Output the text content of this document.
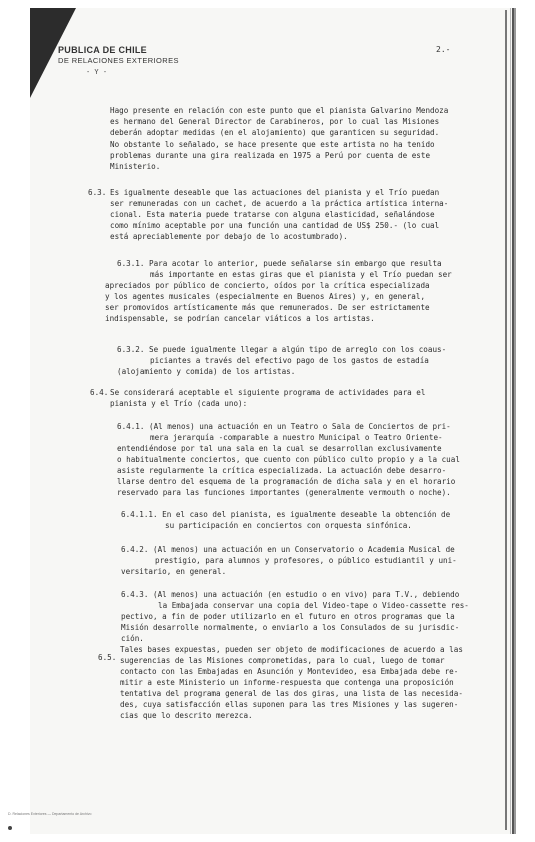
PUBLICA DE CHILE
DE RELACIONES EXTERIORES
- Y -
2.-
Hago presente en relación con este punto que el pianista Galvarino Mendoza
es hermano del General Director de Carabineros, por lo cual las Misiones
deberán adoptar medidas (en el alojamiento) que garanticen su seguridad.
No obstante lo señalado, se hace presente que este artista no ha tenido
problemas durante una gira realizada en 1975 a Perú por cuenta de este
Ministerio.
6.3. Es igualmente deseable que las actuaciones del pianista y el Trío puedan
ser remuneradas con un cachet, de acuerdo a la práctica artística interna-
cional. Esta materia puede tratarse con alguna elasticidad, señalándose
como mínimo aceptable por una función una cantidad de US$ 250.- (lo cual
está apreciablemente por debajo de lo acostumbrado).
6.3.1. Para acotar lo anterior, puede señalarse sin embargo que resulta
más importante en estas giras que el pianista y el Trío puedan ser
apreciados por público de concierto, oídos por la crítica especializada
y los agentes musicales (especialmente en Buenos Aires) y, en general,
ser promovidos artísticamente más que remunerados. De ser estrictamente
indispensable, se podrían cancelar viáticos a los artistas.
6.3.2. Se puede igualmente llegar a algún tipo de arreglo con los coaus-
piciantes a través del efectivo pago de los gastos de estadía
(alojamiento y comida) de los artistas.
6.4. Se considerará aceptable el siguiente programa de actividades para el
pianista y el Trío (cada uno):
6.4.1. (Al menos) una actuación en un Teatro o Sala de Conciertos de pri-
mera jerarquía -comparable a nuestro Municipal o Teatro Oriente-
entendiéndose por tal una sala en la cual se desarrollan exclusivamente
o habitualmente conciertos, que cuento con público culto propio y a la cual
asiste regularmente la crítica especializada. La actuación debe desarro-
llarse dentro del esquema de la programación de dicha sala y en el horario
reservado para las funciones importantes (generalmente vermouth o noche).
6.4.1.1. En el caso del pianista, es igualmente deseable la obtención de
su participación en conciertos con orquesta sinfónica.
6.4.2. (Al menos) una actuación en un Conservatorio o Academia Musical de
prestigio, para alumnos y profesores, o público estudiantil y uni-
versitario, en general.
6.4.3. (Al menos) una actuación (en estudio o en vivo) para T.V., debiendo
la Embajada conservar una copia del Video-tape o Video-cassette res-
pectivo, a fin de poder utilizarlo en el futuro en otros programas que la
Misión desarrolle normalmente, o enviarlo a los Consulados de su jurisdic-
ción.
6.5.
Tales bases expuestas, pueden ser objeto de modificaciones de acuerdo a las
sugerencias de las Misiones comprometidas, para lo cual, luego de tomar
contacto con las Embajadas en Asunción y Montevideo, esa Embajada debe re-
mitir a este Ministerio un informe-respuesta que contenga una proposición
tentativa del programa general de las dos giras, una lista de las necesida-
des, cuya satisfacción ellas suponen para las tres Misiones y las sugeren-
cias que lo descrito merezca.
D. Relaciones Exteriores — Departamento de Archivo
